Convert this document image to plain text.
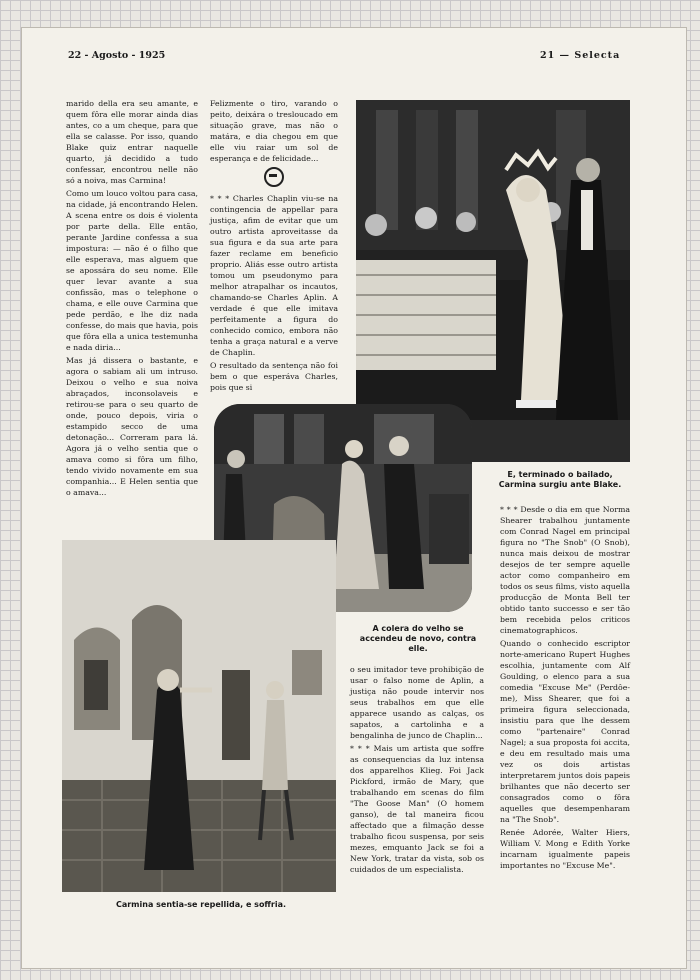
22 - Agosto - 1925	21 — Selecta

marido della era seu amante, e quem fôra elle morar ainda dias antes, co a um cheque, para que ella se calasse. Por isso, quando Blake quiz entrar naquelle quarto, já decidido a tudo confessar, encontrou nelle não só a noiva, mas Carmina!

Como um louco voltou para casa, na cidade, já encontrando Helen. A scena entre os dois é violenta por parte della. Elle então, perante Jardine confessa a sua impostura: — não é o filho que elle esperava, mas alguem que se apossára do seu nome. Elle quer levar avante a sua confissão, mas o telephone o chama, e elle ouve Carmina que pede perdão, e lhe diz nada confesse, do mais que havia, pois que fôra ella a unica testemunha e nada diria...

Mas já dissera o bastante, e agora o sabiam ali um intruso. Deixou o velho e sua noiva abraçados, inconsolaveis e retirou-se para o seu quarto de onde, pouco depois, viria o estampido secco de uma detonação... Correram para lá. Agora já o velho sentia que o amava como si fôra um filho, tendo vivido novamente em sua companhia... E Helen sentia que o amava...

Felizmente o tiro, varando o peito, deixára o tresloucado em situação grave, mas não o matára, e dia chegou em que elle viu raiar um sol de esperança e de felicidade...

* * * Charles Chaplin viu-se na contingencia de appellar para justiça, afim de evitar que um outro artista aproveitasse da sua figura e da sua arte para fazer reclame em beneficio proprio. Aliás esse outro artista tomou um pseudonymo para melhor atrapalhar os incautos, chamando-se Charles Aplin. A verdade é que elle imitava perfeitamente a figura do conhecido comico, embora não tenha a graça natural e a verve de Chaplin.

O resultado da sentença não foi bem o que esperáva Charles, pois que si

E, terminado o bailado, Carmina surgiu ante Blake.
A colera do velho se accendeu de novo, contra elle.
Carmina sentia-se repellida, e soffria.

o seu imitador teve prohibição de usar o falso nome de Aplin, a justiça não poude intervir nos seus trabalhos em que elle apparece usando as calças, os sapatos, a cartolinha e a bengalinha de junco de Chaplin...

* * * Mais um artista que soffre as consequencias da luz intensa dos apparelhos Klieg. Foi Jack Pickford, irmão de Mary, que trabalhando em scenas do film "The Goose Man" (O homem ganso), de tal maneira ficou affectado que a filmação desse trabalho ficou suspensa, por seis mezes, emquanto Jack se foi a New York, tratar da vista, sob os cuidados de um especialista.

* * * Desde o dia em que Norma Shearer trabalhou juntamente com Conrad Nagel em principal figura no "The Snob" (O Snob), nunca mais deixou de mostrar desejos de ter sempre aquelle actor como companheiro em todos os seus films, visto aquella producção de Monta Bell ter obtido tanto successo e ser tão bem recebida pelos criticos cinematographicos.

Quando o conhecido escriptor norte-americano Rupert Hughes escolhia, juntamente com Alf Goulding, o elenco para a sua comedia "Excuse Me" (Perdôe-me), Miss Shearer, que foi a primeira figura seleccionada, insistiu para que lhe dessem como "partenaire" Conrad Nagel; a sua proposta foi accita, e deu em resultado mais uma vez os dois artistas interpretarem juntos dois papeis brilhantes que não decerto ser consagrados como o fôra aquelles que desempenharam na "The Snob".

Renée Adorée, Walter Hiers, William V. Mong e Edith Yorke incarnam igualmente papeis importantes no "Excuse Me".
